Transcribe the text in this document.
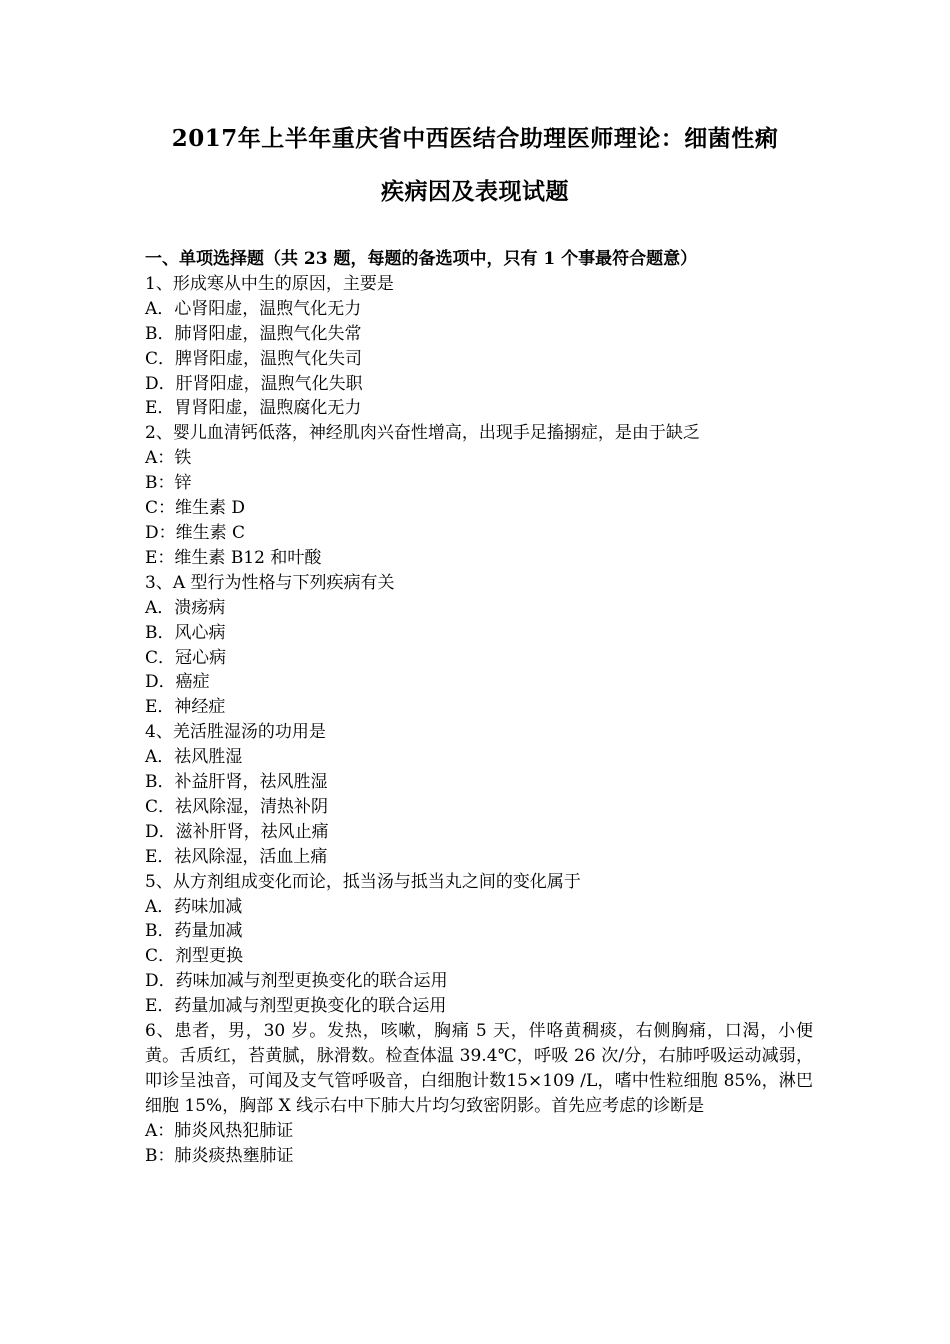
2017年上半年重庆省中西医结合助理医师理论：细菌性痢
疾病因及表现试题
一、单项选择题（共 23 题，每题的备选项中，只有 1 个事最符合题意）
1、形成寒从中生的原因，主要是
A．心肾阳虚，温煦气化无力
B．肺肾阳虚，温煦气化失常
C．脾肾阳虚，温煦气化失司
D．肝肾阳虚，温煦气化失职
E．胃肾阳虚，温煦腐化无力
2、婴儿血清钙低落，神经肌肉兴奋性增高，出现手足搐搦症，是由于缺乏
A：铁
B：锌
C：维生素 D
D：维生素 C
E：维生素 B12 和叶酸
3、A 型行为性格与下列疾病有关
A．溃疡病
B．风心病
C．冠心病
D．癌症
E．神经症
4、羌活胜湿汤的功用是
A．祛风胜湿
B．补益肝肾，祛风胜湿
C．祛风除湿，清热补阴
D．滋补肝肾，祛风止痛
E．祛风除湿，活血上痛
5、从方剂组成变化而论，抵当汤与抵当丸之间的变化属于
A．药味加减
B．药量加减
C．剂型更换
D．药味加减与剂型更换变化的联合运用
E．药量加减与剂型更换变化的联合运用
6、患者，男，30 岁。发热，咳嗽，胸痛 5 天，伴咯黄稠痰，右侧胸痛，口渴，小便黄。舌质红，苔黄腻，脉滑数。检查体温 39.4℃，呼吸 26 次/分，右肺呼吸运动减弱，叩诊呈浊音，可闻及支气管呼吸音，白细胞计数15×109 /L，嗜中性粒细胞 85%，淋巴细胞 15%，胸部 X 线示右中下肺大片均匀致密阴影。首先应考虑的诊断是
A：肺炎风热犯肺证
B：肺炎痰热壅肺证
